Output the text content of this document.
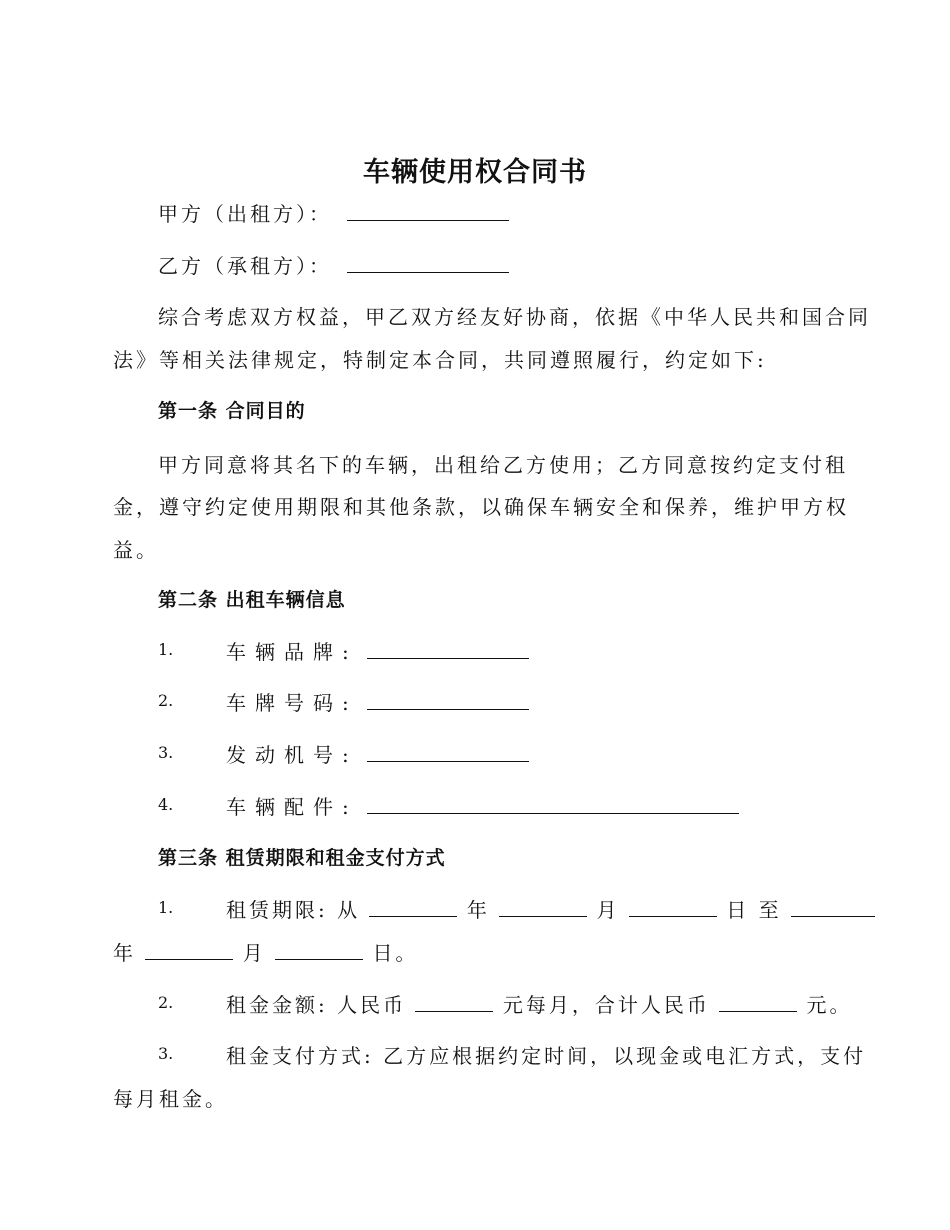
车辆使用权合同书
甲方（出租方）：
乙方（承租方）：
综合考虑双方权益，甲乙双方经友好协商，依据《中华人民共和国合同
法》等相关法律规定，特制定本合同，共同遵照履行，约定如下:
第一条 合同目的
甲方同意将其名下的车辆，出租给乙方使用；乙方同意按约定支付租
金，遵守约定使用期限和其他条款，以确保车辆安全和保养，维护甲方权
益。
第二条 出租车辆信息
1.	车辆品牌:
2.	车牌号码:
3.	发动机号:
4.	车辆配件:
第三条 租赁期限和租金支付方式
1.	租赁期限: 从	年	月	日 至
年	月	日。
2.	租金金额: 人民币	元每月，合计人民币	元。
3.	租金支付方式: 乙方应根据约定时间，以现金或电汇方式，支付
每月租金。
